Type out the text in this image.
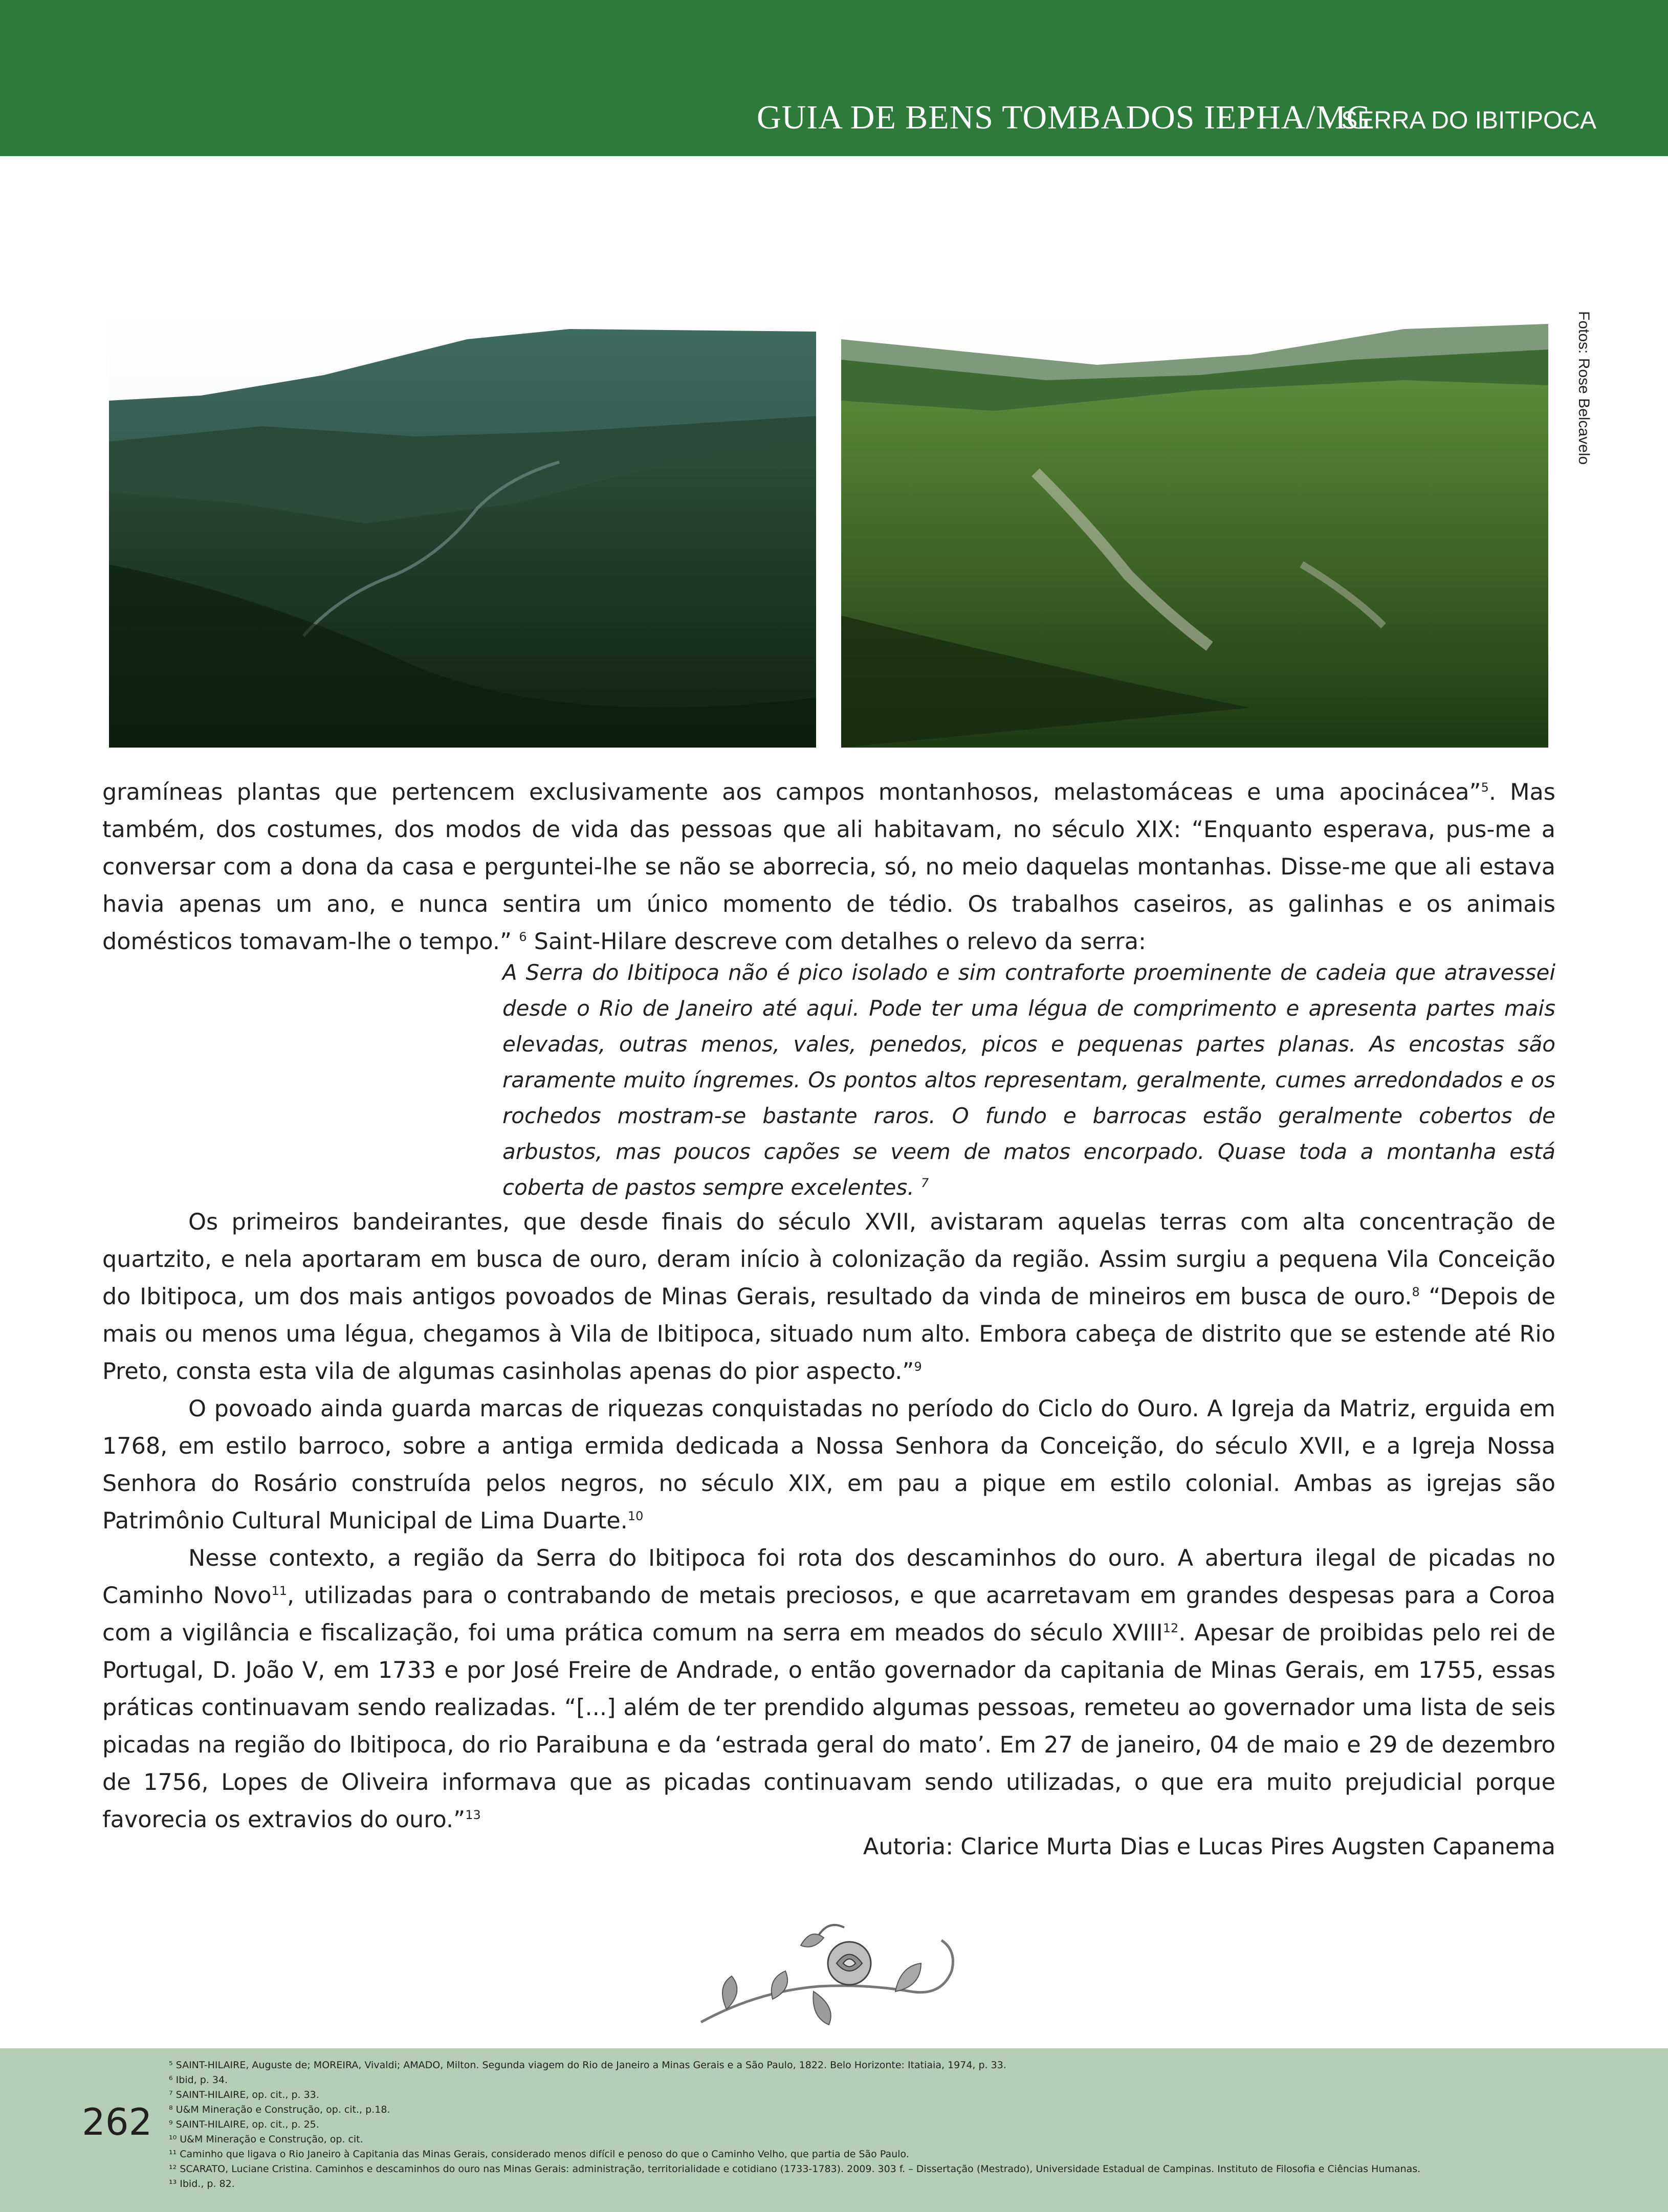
GUIA DE BENS TOMBADOS IEPHA/MG
SERRA DO IBITIPOCA
Fotos: Rose Belcavelo
gramíneas plantas que pertencem exclusivamente aos campos montanhosos, melastomáceas e uma apocinácea”$^5$. Mas também, dos costumes, dos modos de vida das pessoas que ali habitavam, no século XIX: “Enquanto esperava, pus-me a conversar com a dona da casa e perguntei-lhe se não se aborrecia, só, no meio daquelas montanhas. Disse-me que ali estava havia apenas um ano, e nunca sentira um único momento de tédio. Os trabalhos caseiros, as galinhas e os animais domésticos tomavam-lhe o tempo.” $^6$ Saint-Hilare descreve com detalhes o relevo da serra:
A Serra do Ibitipoca não é pico isolado e sim contraforte proeminente de cadeia que atravessei desde o Rio de Janeiro até aqui. Pode ter uma légua de comprimento e apresenta partes mais elevadas, outras menos, vales, penedos, picos e pequenas partes planas. As encostas são raramente muito íngremes. Os pontos altos representam, geralmente, cumes arredondados e os rochedos mostram-se bastante raros. O fundo e barrocas estão geralmente cobertos de arbustos, mas poucos capões se veem de matos encorpado. Quase toda a montanha está coberta de pastos sempre excelentes. $^7$

Os primeiros bandeirantes, que desde finais do século XVII, avistaram aquelas terras com alta concentração de quartzito, e nela aportaram em busca de ouro, deram início à colonização da região. Assim surgiu a pequena Vila Conceição do Ibitipoca, um dos mais antigos povoados de Minas Gerais, resultado da vinda de mineiros em busca de ouro.$^8$ “Depois de mais ou menos uma légua, chegamos à Vila de Ibitipoca, situado num alto. Embora cabeça de distrito que se estende até Rio Preto, consta esta vila de algumas casinholas apenas do pior aspecto.”$^9$

O povoado ainda guarda marcas de riquezas conquistadas no período do Ciclo do Ouro. A Igreja da Matriz, erguida em 1768, em estilo barroco, sobre a antiga ermida dedicada a Nossa Senhora da Conceição, do século XVII, e a Igreja Nossa Senhora do Rosário construída pelos negros, no século XIX, em pau a pique em estilo colonial. Ambas as igrejas são Patrimônio Cultural Municipal de Lima Duarte.$^{10}$

Nesse contexto, a região da Serra do Ibitipoca foi rota dos descaminhos do ouro. A abertura ilegal de picadas no Caminho Novo$^{11}$, utilizadas para o contrabando de metais preciosos, e que acarretavam em grandes despesas para a Coroa com a vigilância e fiscalização, foi uma prática comum na serra em meados do século XVIII$^{12}$. Apesar de proibidas pelo rei de Portugal, D. João V, em 1733 e por José Freire de Andrade, o então governador da capitania de Minas Gerais, em 1755, essas práticas continuavam sendo realizadas. “[...] além de ter prendido algumas pessoas, remeteu ao governador uma lista de seis picadas na região do Ibitipoca, do rio Paraibuna e da ‘estrada geral do mato’. Em 27 de janeiro, 04 de maio e 29 de dezembro de 1756, Lopes de Oliveira informava que as picadas continuavam sendo utilizadas, o que era muito prejudicial porque favorecia os extravios do ouro.”$^{13}$

Autoria: Clarice Murta Dias e Lucas Pires Augsten Capanema
262
⁵ SAINT-HILAIRE, Auguste de; MOREIRA, Vivaldi; AMADO, Milton. Segunda viagem do Rio de Janeiro a Minas Gerais e a São Paulo, 1822. Belo Horizonte: Itatiaia, 1974, p. 33.
⁶ Ibid, p. 34.
⁷ SAINT-HILAIRE, op. cit., p. 33.
⁸ U&M Mineração e Construção, op. cit., p.18.
⁹ SAINT-HILAIRE, op. cit., p. 25.
¹⁰ U&M Mineração e Construção, op. cit.
¹¹ Caminho que ligava o Rio Janeiro à Capitania das Minas Gerais, considerado menos difícil e penoso do que o Caminho Velho, que partia de São Paulo.
¹² SCARATO, Luciane Cristina. Caminhos e descaminhos do ouro nas Minas Gerais: administração, territorialidade e cotidiano (1733-1783). 2009. 303 f. – Dissertação (Mestrado), Universidade Estadual de Campinas. Instituto de Filosofia e Ciências Humanas.
¹³ Ibid., p. 82.
